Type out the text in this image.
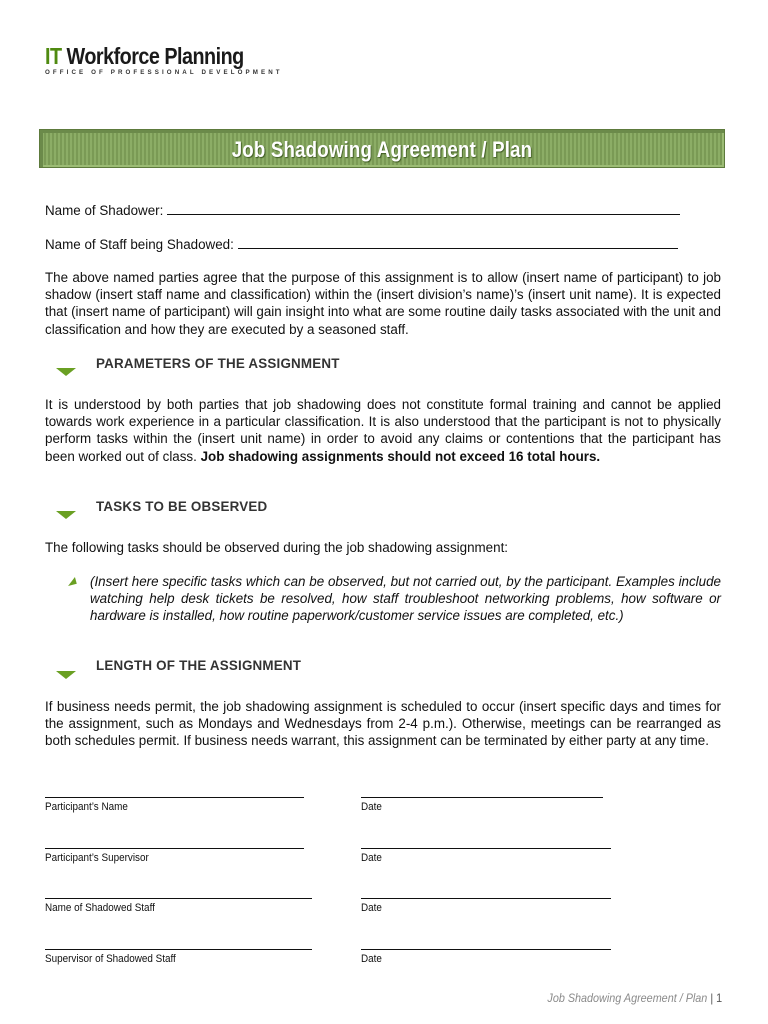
IT Workforce Planning
OFFICE OF PROFESSIONAL DEVELOPMENT
Job Shadowing Agreement / Plan
Name of Shadower:
Name of Staff being Shadowed:
The above named parties agree that the purpose of this assignment is to allow (insert name of participant) to job shadow (insert staff name and classification) within the (insert division’s name)’s (insert unit name). It is expected that (insert name of participant) will gain insight into what are some routine daily tasks associated with the unit and classification and how they are executed by a seasoned staff.
PARAMETERS OF THE ASSIGNMENT
It is understood by both parties that job shadowing does not constitute formal training and cannot be applied towards work experience in a particular classification. It is also understood that the participant is not to physically perform tasks within the (insert unit name) in order to avoid any claims or contentions that the participant has been worked out of class. Job shadowing assignments should not exceed 16 total hours.
TASKS TO BE OBSERVED
The following tasks should be observed during the job shadowing assignment:
(Insert here specific tasks which can be observed, but not carried out, by the participant. Examples include watching help desk tickets be resolved, how staff troubleshoot networking problems, how software or hardware is installed, how routine paperwork/customer service issues are completed, etc.)
LENGTH OF THE ASSIGNMENT
If business needs permit, the job shadowing assignment is scheduled to occur (insert specific days and times for the assignment, such as Mondays and Wednesdays from 2-4 p.m.). Otherwise, meetings can be rearranged as both schedules permit. If business needs warrant, this assignment can be terminated by either party at any time.
Participant’s Name	Date
Participant’s Supervisor	Date
Name of Shadowed Staff	Date
Supervisor of Shadowed Staff	Date
Job Shadowing Agreement / Plan | 1
